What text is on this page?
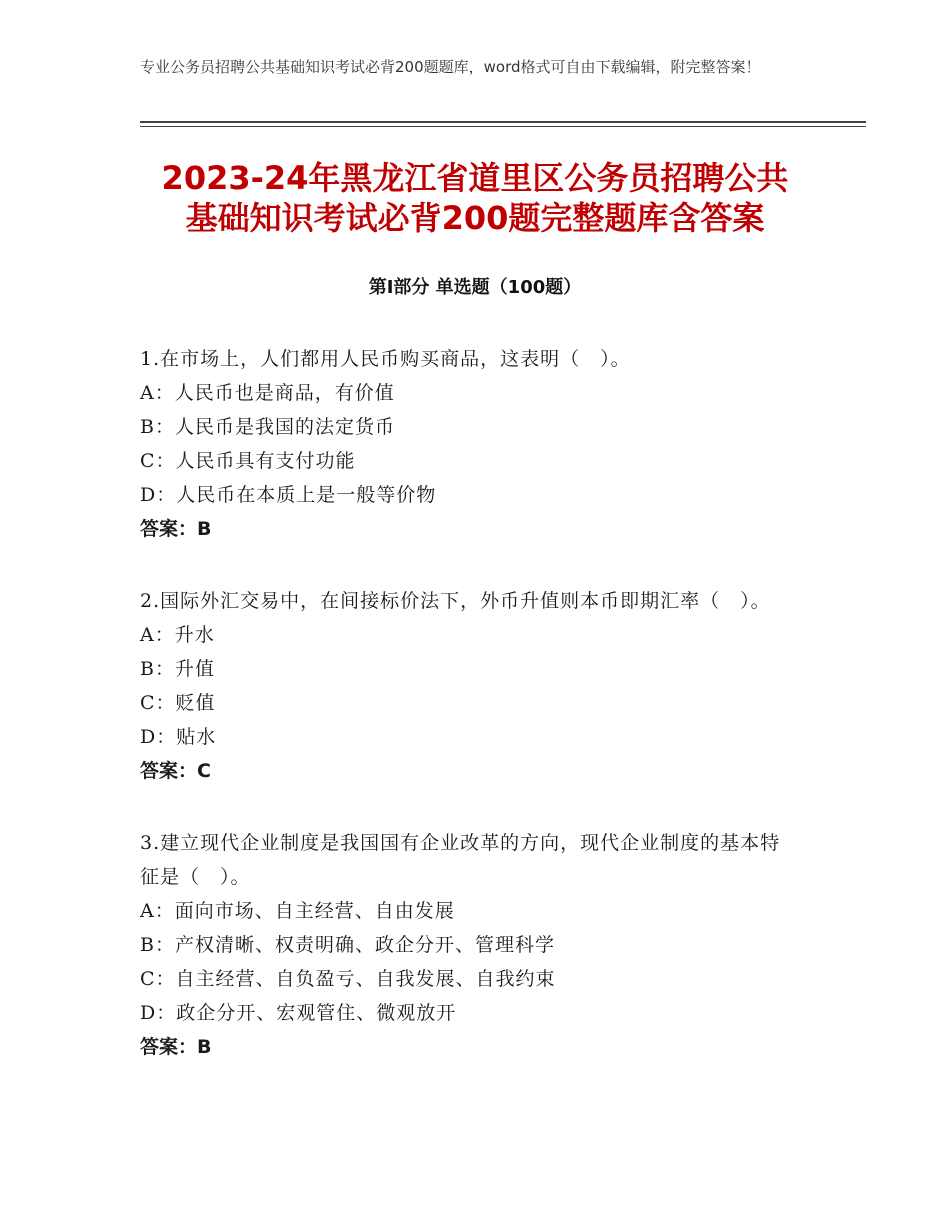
专业公务员招聘公共基础知识考试必背200题题库，word格式可自由下载编辑，附完整答案！
2023-24年黑龙江省道里区公务员招聘公共
基础知识考试必背200题完整题库含答案
第Ⅰ部分 单选题（100题）

1.在市场上，人们都用人民币购买商品，这表明（　）。

A：人民币也是商品，有价值

B：人民币是我国的法定货币

C：人民币具有支付功能

D：人民币在本质上是一般等价物

答案：B

2.国际外汇交易中，在间接标价法下，外币升值则本币即期汇率（　）。

A：升水

B：升值

C：贬值

D：贴水

答案：C

3.建立现代企业制度是我国国有企业改革的方向，现代企业制度的基本特征是（　）。

A：面向市场、自主经营、自由发展

B：产权清晰、权责明确、政企分开、管理科学

C：自主经营、自负盈亏、自我发展、自我约束

D：政企分开、宏观管住、微观放开

答案：B
